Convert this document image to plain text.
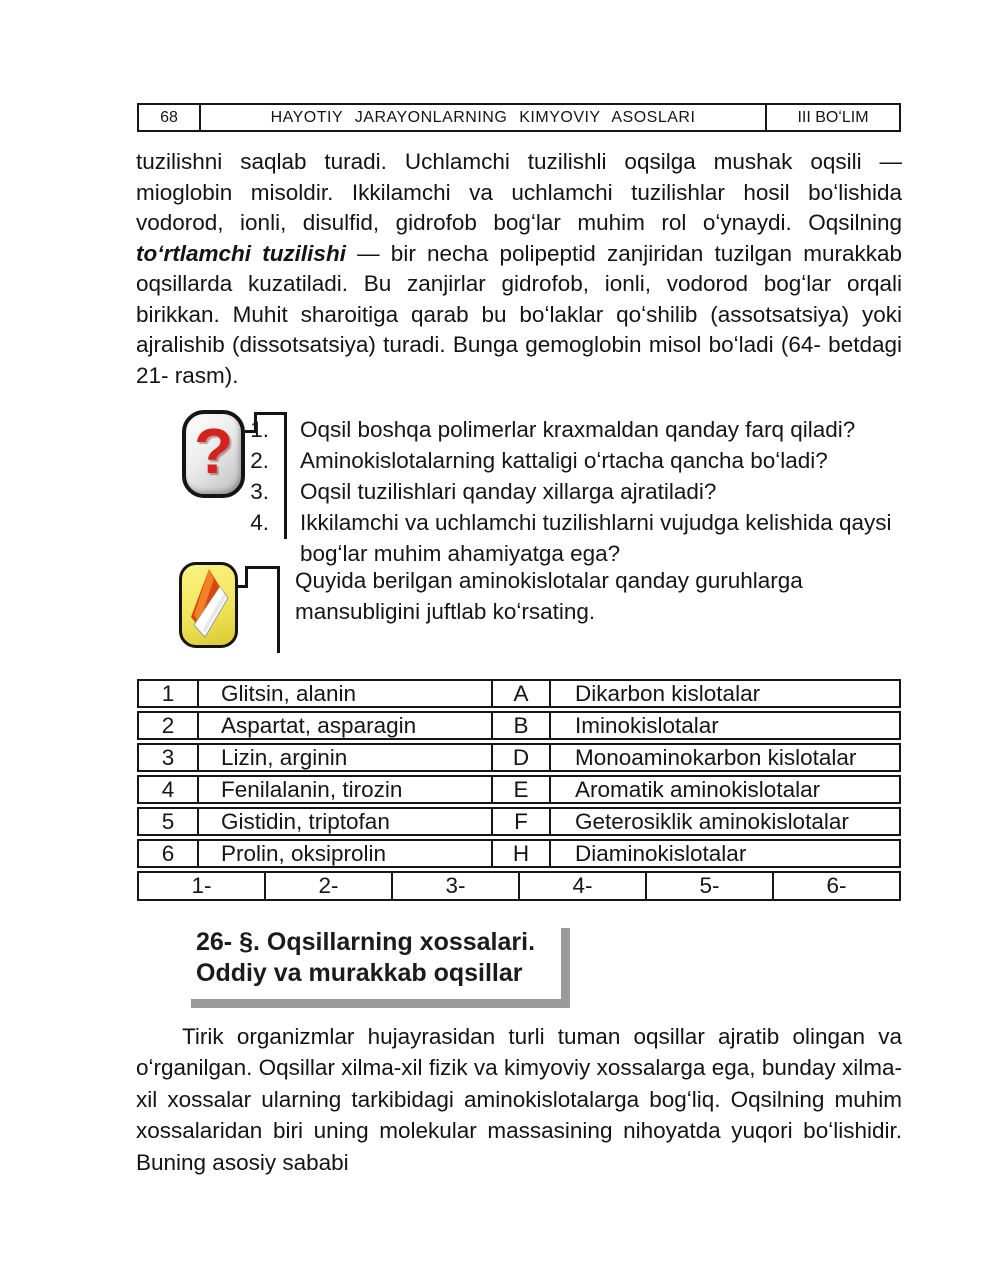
68	HAYOTIY JARAYONLARNING KIMYOVIY ASOSLARI	III BOʻLIM

tuzilishni saqlab turadi. Uchlamchi tuzilishli oqsilga mushak oqsili — mioglobin misoldir. Ikkilamchi va uchlamchi tuzilishlar hosil boʻlishida vodorod, ionli, disulfid, gidrofob bogʻlar muhim rol oʻynaydi. Oqsilning toʻrtlamchi tuzilishi — bir necha polipeptid zanjiridan tuzilgan murakkab oqsillarda kuzatiladi. Bu zanjirlar gidrofob, ionli, vodorod bogʻlar orqali birikkan. Muhit sharoitiga qarab bu boʻlaklar qoʻshilib (assotsatsiya) yoki ajralishib (dissotsatsiya) turadi. Bunga gemoglobin misol boʻladi (64- betdagi 21- rasm).

? 1.	Oqsil boshqa polimerlar kraxmaldan qanday farq qiladi?
2.	Aminokislotalarning kattaligi oʻrtacha qancha boʻladi?
3.	Oqsil tuzilishlari qanday xillarga ajratiladi?
4.	Ikkilamchi va uchlamchi tuzilishlarni vujudga kelishida qaysi bogʻlar muhim ahamiyatga ega?

Quyida berilgan aminokislotalar qanday guruhlarga mansubligini juftlab koʻrsating.

1	Glitsin, alanin	A	Dikarbon kislotalar
2	Aspartat, asparagin	B	Iminokislotalar
3	Lizin, arginin	D	Monoaminokarbon kislotalar
4	Fenilalanin, tirozin	E	Aromatik aminokislotalar
5	Gistidin, triptofan	F	Geterosiklik aminokislotalar
6	Prolin, oksiprolin	H	Diaminokislotalar
1-	2-	3-	4-	5-	6-
26- §. Oqsillarning xossalari.
Oddiy va murakkab oqsillar

Tirik organizmlar hujayrasidan turli tuman oqsillar ajratib olingan va oʻrganilgan. Oqsillar xilma-xil fizik va kimyoviy xossalarga ega, bunday xilma-xil xossalar ularning tarkibidagi aminokislotalarga bogʻliq. Oqsilning muhim xossalaridan biri uning molekular massasining nihoyatda yuqori boʻlishidir. Buning asosiy sababi
